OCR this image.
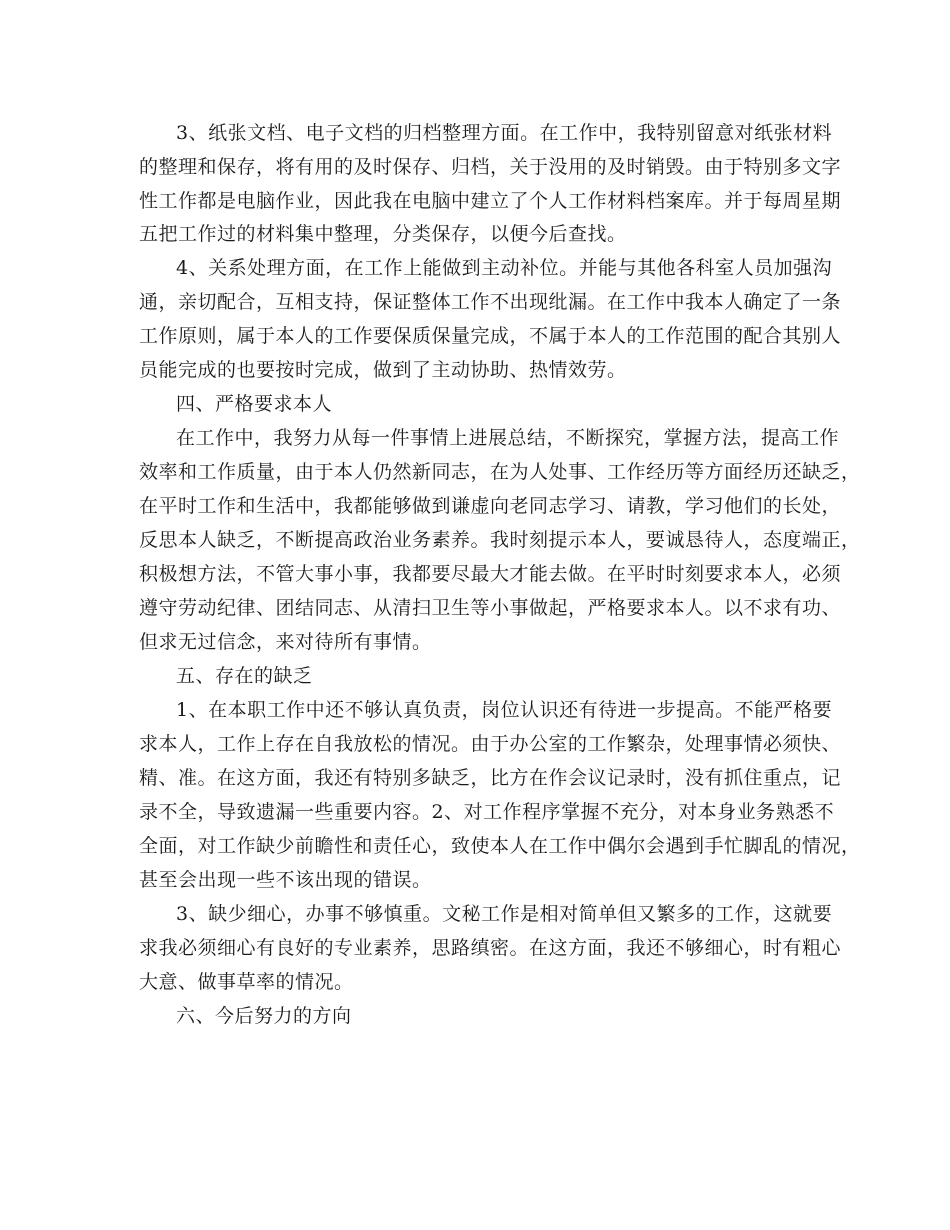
3、纸张文档、电子文档的归档整理方面。在工作中，我特别留意对纸张材料
的整理和保存，将有用的及时保存、归档，关于没用的及时销毁。由于特别多文字
性工作都是电脑作业，因此我在电脑中建立了个人工作材料档案库。并于每周星期
五把工作过的材料集中整理，分类保存，以便今后查找。
4、关系处理方面，在工作上能做到主动补位。并能与其他各科室人员加强沟
通，亲切配合，互相支持，保证整体工作不出现纰漏。在工作中我本人确定了一条
工作原则，属于本人的工作要保质保量完成，不属于本人的工作范围的配合其别人
员能完成的也要按时完成，做到了主动协助、热情效劳。
四、严格要求本人
在工作中，我努力从每一件事情上进展总结，不断探究，掌握方法，提高工作
效率和工作质量，由于本人仍然新同志，在为人处事、工作经历等方面经历还缺乏，
在平时工作和生活中，我都能够做到谦虚向老同志学习、请教，学习他们的长处，
反思本人缺乏，不断提高政治业务素养。我时刻提示本人，要诚恳待人，态度端正，
积极想方法，不管大事小事，我都要尽最大才能去做。在平时时刻要求本人，必须
遵守劳动纪律、团结同志、从清扫卫生等小事做起，严格要求本人。以不求有功、
但求无过信念，来对待所有事情。
五、存在的缺乏
1、在本职工作中还不够认真负责，岗位认识还有待进一步提高。不能严格要
求本人，工作上存在自我放松的情况。由于办公室的工作繁杂，处理事情必须快、
精、准。在这方面，我还有特别多缺乏，比方在作会议记录时，没有抓住重点，记
录不全，导致遗漏一些重要内容。2、对工作程序掌握不充分，对本身业务熟悉不
全面，对工作缺少前瞻性和责任心，致使本人在工作中偶尔会遇到手忙脚乱的情况，
甚至会出现一些不该出现的错误。
3、缺少细心，办事不够慎重。文秘工作是相对简单但又繁多的工作，这就要
求我必须细心有良好的专业素养，思路缜密。在这方面，我还不够细心，时有粗心
大意、做事草率的情况。
六、今后努力的方向
